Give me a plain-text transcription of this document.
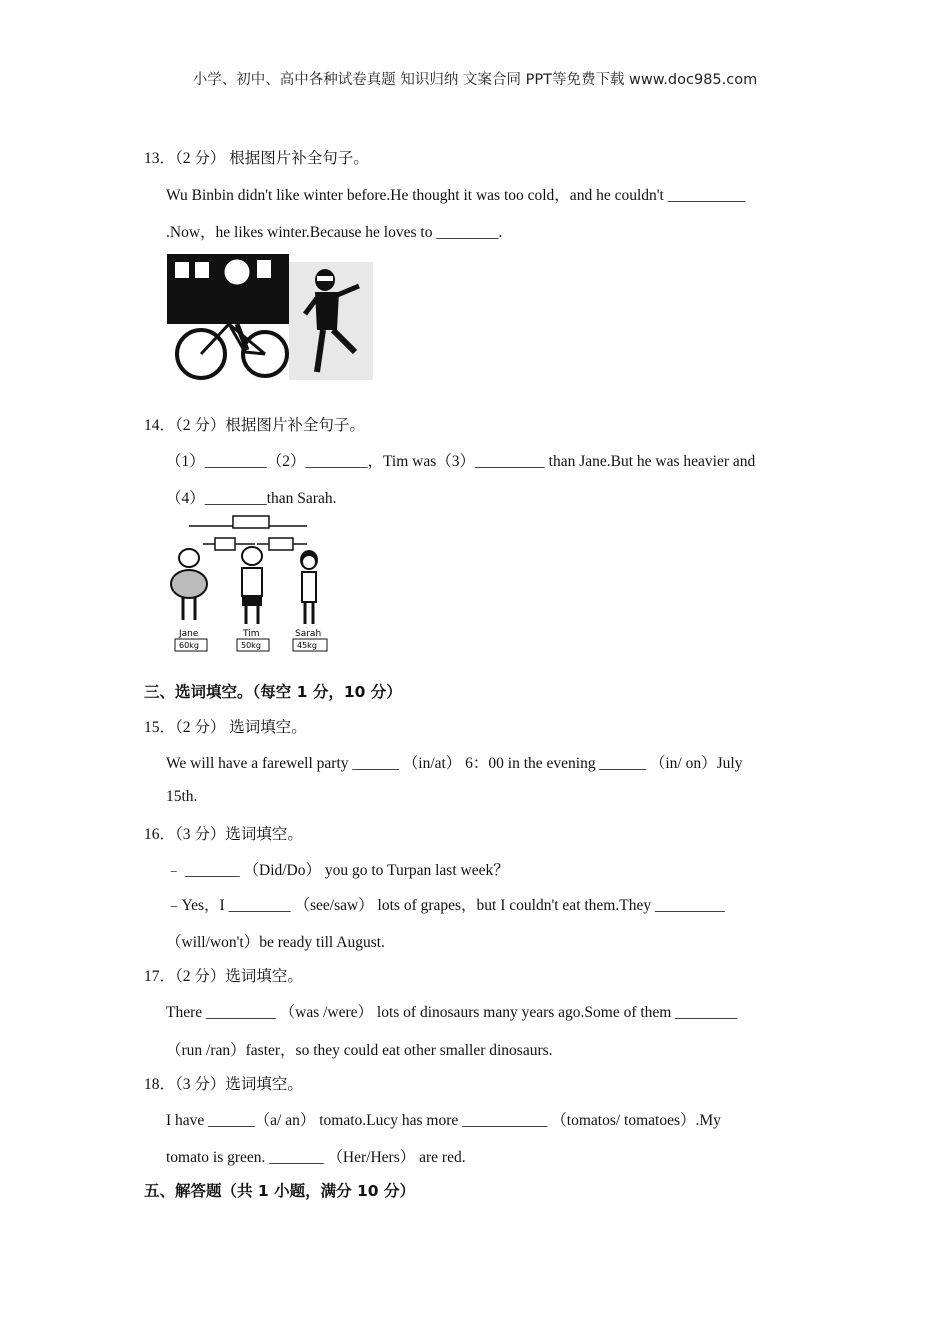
小学、初中、高中各种试卷真题 知识归纳 文案合同 PPT等免费下载 www.doc985.com
13．（2 分） 根据图片补全句子。
Wu Binbin didn't like winter before.He thought it was too cold，and he couldn't __________
.Now，he likes winter.Because he loves to ________.
14．（2 分）根据图片补全句子。
（1）________（2）________，Tim was（3）_________ than Jane.But he was heavier and
（4）________than Sarah.
Jane
60kg
Tim
50kg
Sarah
45kg
三、选词填空。（每空 1 分，10 分）
15．（2 分） 选词填空。
We will have a farewell party ______ （in/at） 6：00 in the evening ______ （in/ on）July
15th.
16．（3 分）选词填空。
﹣ _______ （Did/Do） you go to Turpan last week？
﹣Yes，I ________ （see/saw） lots of grapes，but I couldn't eat them.They _________
（will/won't）be ready till August.
17．（2 分）选词填空。
There _________ （was /were） lots of dinosaurs many years ago.Some of them ________
（run /ran）faster，so they could eat other smaller dinosaurs.
18．（3 分）选词填空。
I have ______（a/ an） tomato.Lucy has more ___________ （tomatos/ tomatoes）.My
tomato is green. _______ （Her/Hers） are red.
五、解答题（共 1 小题，满分 10 分）
